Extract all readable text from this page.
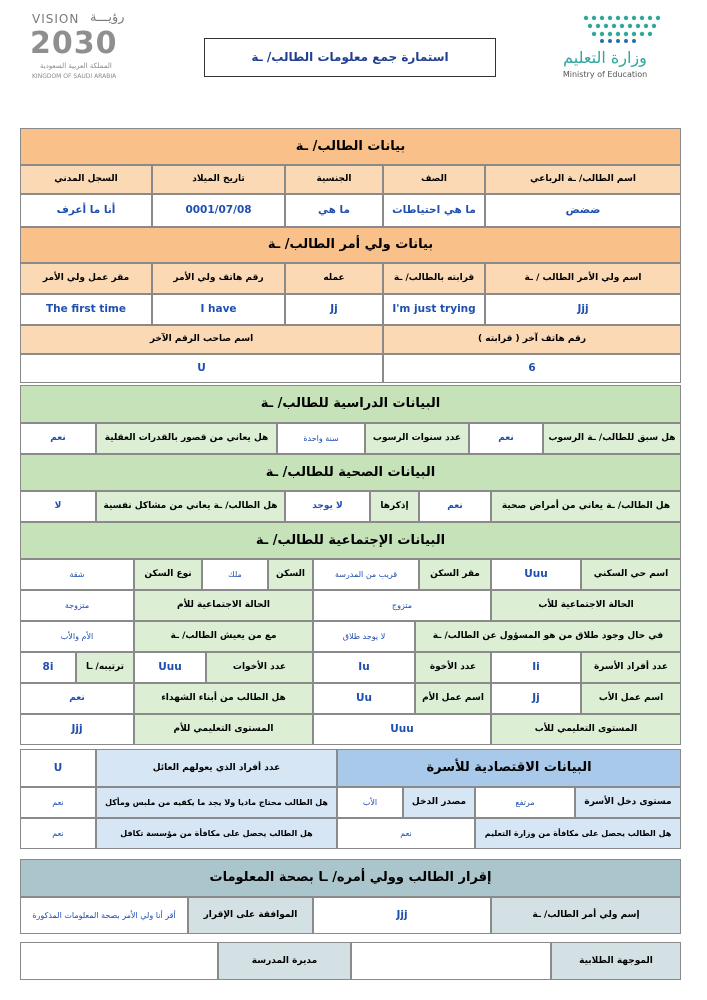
VISION رؤيـــة
2030
المملكة العربية السعودية
KINGDOM OF SAUDI ARABIA
استمارة جمع معلومات الطالب/ ـة	وزارة التعليم
Ministry of Education
بيانات الطالب/ ـة
اسم الطالب/ ـة الرباعي
الصف
الجنسية
تاريخ الميلاد
السجل المدني
ضضض
ما هي احتياطات
ما هي
0001/07/08
أنا ما أعرف
بيانات ولي أمر الطالب/ ـة
اسم ولي الأمر الطالب / ـة
قرابته بالطالب/ ـة
عمله
رقم هاتف ولي الأمر
مقر عمل ولي الأمر
Jjj
I'm just trying
Jj
I have
The first time
رقم هاتف آخر ( قرابته )
اسم صاحب الرقم الآخر
6
U
البيانات الدراسية للطالب/ ـة
هل سبق للطالب/ ـة الرسوب
نعم
عدد سنوات الرسوب
سنة واحدة
هل يعاني من قصور بالقدرات العقلية
نعم
البيانات الصحية للطالب/ ـة
هل الطالب/ ـة يعاني من أمراض صحية
نعم
إذكرها
لا يوجد
هل الطالب/ ـة يعاني من مشاكل نفسية
لا
البيانات الإجتماعية للطالب/ ـة
اسم حي السكني
Uuu
مقر السكن
قريب من المدرسة
السكن
ملك
نوع السكن
شقة
الحالة الاجتماعية للأب
متزوج
الحالة الاجتماعية للأم
متزوجة
في حال وجود طلاق من هو المسؤول عن الطالب/ ـة
لا يوجد طلاق
مع من يعيش الطالب/ ـة
الأم والأب
عدد أفراد الأسرة
Ii
عدد الأخوة
Iu
عدد الأخوات
Uuu
ترتيبه/ ـا
8i
اسم عمل الأب
Jj
اسم عمل الأم
Uu
هل الطالب من أبناء الشهداء
نعم
المستوى التعليمي للأب
Uuu
المستوى التعليمي للأم
Jjj
البيانات الاقتصادية للأسرة
عدد أفراد الذي يعولهم العائل
U
مستوى دخل الأسرة
مرتفع
مصدر الدخل
الأب
هل الطالب محتاج ماديا ولا يجد ما يكفيه من ملبس ومأكل
نعم
هل الطالب يحصل على مكافأة من وزارة التعليم
نعم
هل الطالب يحصل على مكافأة من مؤسسة تكافل
نعم
إقرار الطالب وولي أمره/ ـا بصحة المعلومات
إسم ولي أمر الطالب/ ـة
Jjj
الموافقة على الإقرار
أقر أنا ولي الأمر بصحة المعلومات المذكورة
الموجهة الطلابية
مديرة المدرسة
